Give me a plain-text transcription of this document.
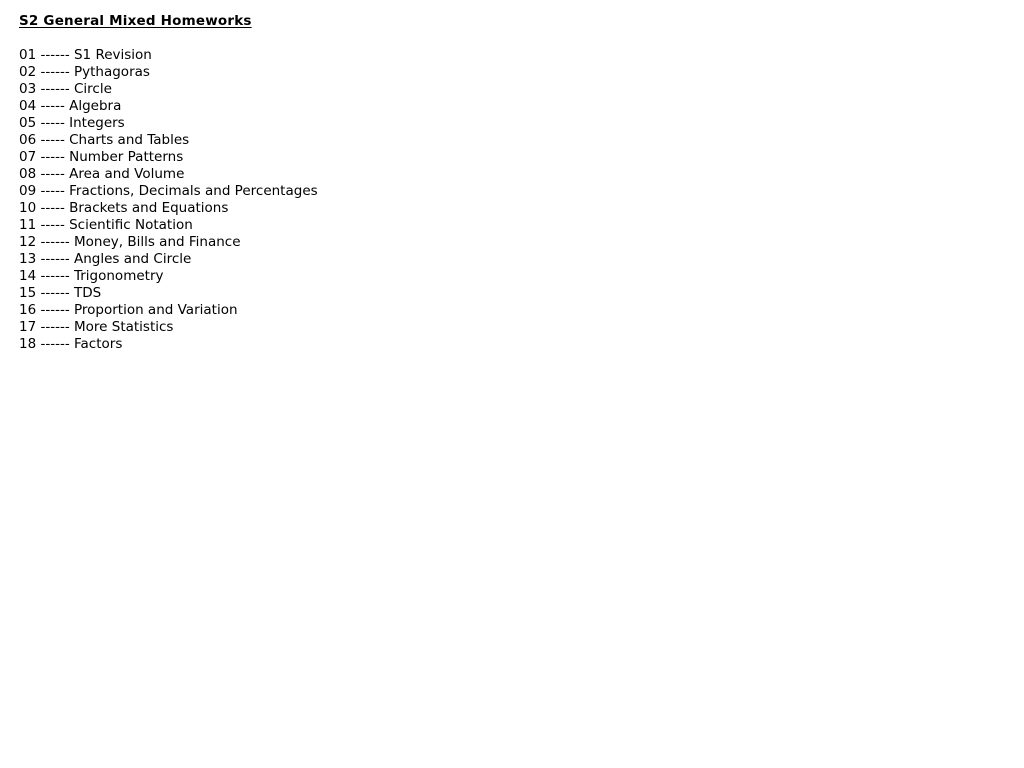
S2 General Mixed Homeworks
01 ------ S1 Revision
02 ------ Pythagoras
03 ------ Circle
04 ----- Algebra
05 ----- Integers
06 ----- Charts and Tables
07 ----- Number Patterns
08 ----- Area and Volume
09 ----- Fractions, Decimals and Percentages
10 ----- Brackets and Equations
11 ----- Scientific Notation
12 ------ Money, Bills and Finance
13 ------ Angles and Circle
14 ------ Trigonometry
15 ------ TDS
16 ------ Proportion and Variation
17 ------ More Statistics
18 ------ Factors
